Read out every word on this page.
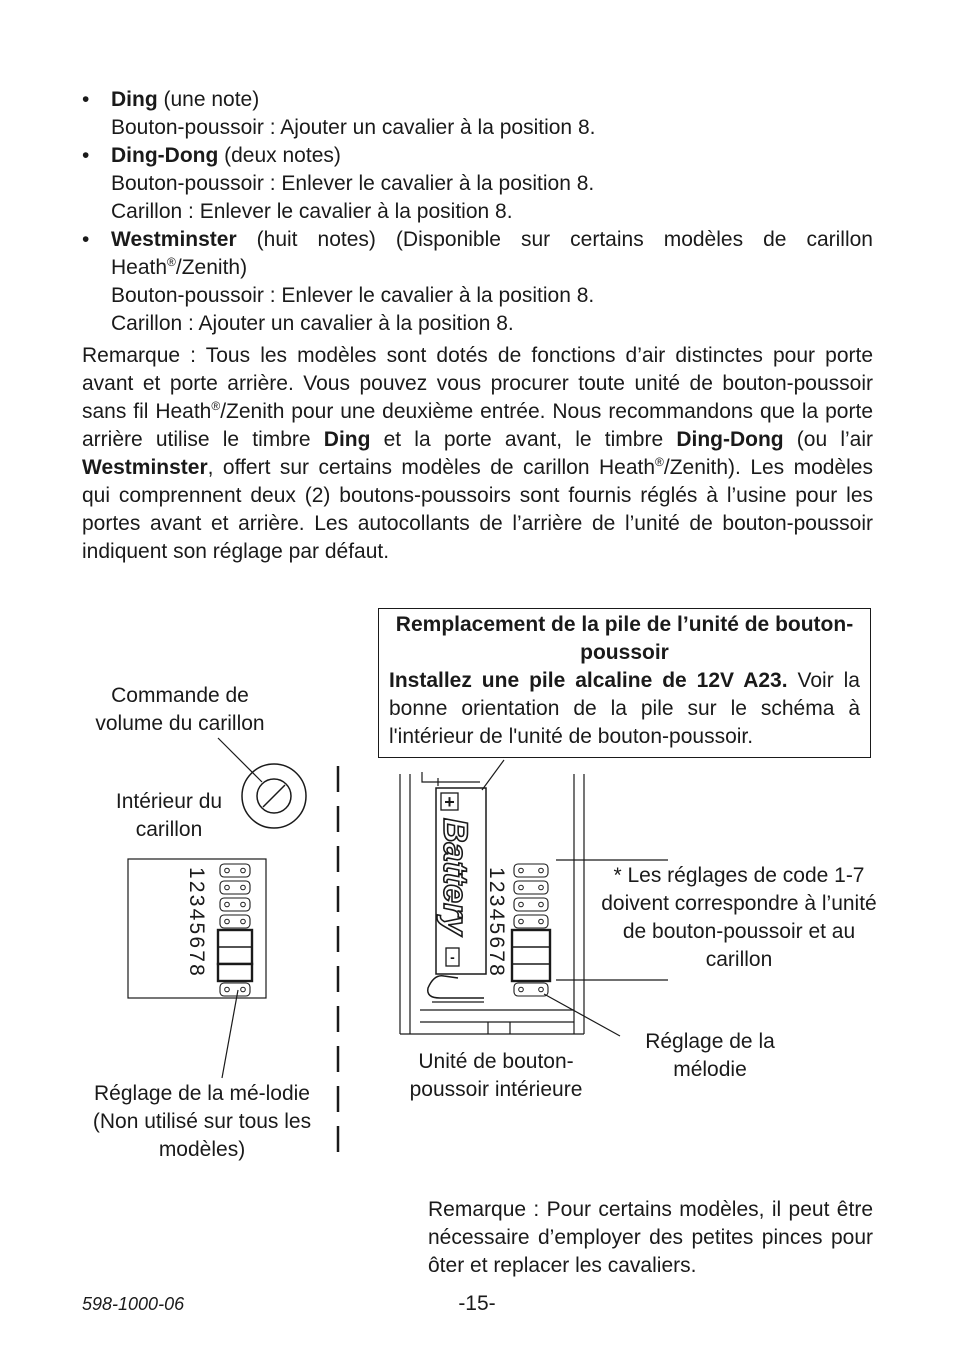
• Ding (une note)
Bouton-poussoir : Ajouter un cavalier à la position 8.
• Ding-Dong (deux notes)
Bouton-poussoir : Enlever le cavalier à la position 8.
Carillon : Enlever le cavalier à la position 8.
• Westminster (huit notes) (Disponible sur certains modèles de carillon Heath®/Zenith)
Bouton-poussoir : Enlever le cavalier à la position 8.
Carillon : Ajouter un cavalier à la position 8.
Remarque : Tous les modèles sont dotés de fonctions d’air distinctes pour porte avant et porte arrière. Vous pouvez vous procurer toute unité de bouton-poussoir sans fil Heath®/Zenith pour une deuxième entrée. Nous recommandons que la porte arrière utilise le timbre Ding et la porte avant, le timbre Ding-Dong (ou l’air Westminster, offert sur certains modèles de carillon Heath®/Zenith). Les modèles qui comprennent deux (2) boutons-poussoirs sont fournis réglés à l’usine pour les portes avant et arrière. Les autocollants de l’arrière de l’unité de bouton-poussoir indiquent son réglage par défaut.
Remplacement de la pile de l’unité de bouton-poussoir
Installez une pile alcaline de 12V A23. Voir la bonne orientation de la pile sur le schéma à l'intérieur de l'unité de bouton-poussoir.
Commande de volume du carillon
Intérieur du carillon
Réglage de la mé-lodie (Non utilisé sur tous les modèles)
* Les réglages de code 1-7 doivent correspondre à l’unité de bouton-poussoir et au carillon
Unité de bouton-poussoir intérieure
Réglage de la mélodie
12345678
+
-
Battery 12345678
Remarque : Pour certains modèles, il peut être nécessaire d’employer des petites pinces pour ôter et replacer les cavaliers.
598-1000-06	-15-
